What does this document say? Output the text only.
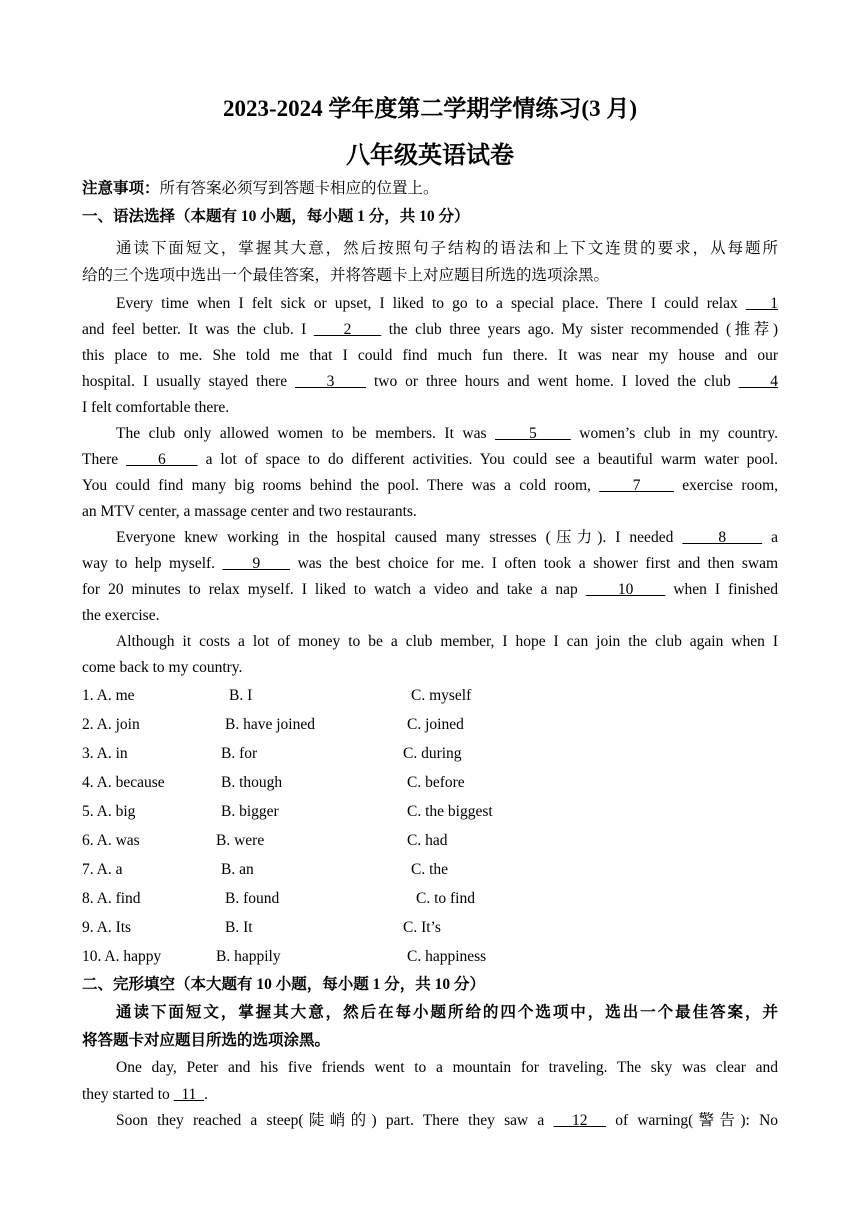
2023-2024 学年度第二学期学情练习(3 月)
八年级英语试卷
注意事项：所有答案必须写到答题卡相应的位置上。
一、语法选择（本题有 10 小题，每小题 1 分，共 10 分）
通读下面短文，掌握其大意，然后按照句子结构的语法和上下文连贯的要求，从每题所
给的三个选项中选出一个最佳答案，并将答题卡上对应题目所选的选项涂黑。
Every time when I felt sick or upset, I liked to go to a special place. There I could relax    1
and feel better. It was the club. I     2     the club three years ago. My sister recommended (推荐)
this place to me. She told me that I could find much fun there. It was near my house and our
hospital. I usually stayed there     3     two or three hours and went home. I loved the club     4
I felt comfortable there.
The club only allowed women to be members. It was     5     women’s club in my country.
There     6     a lot of space to do different activities. You could see a beautiful warm water pool.
You could find many big rooms behind the pool. There was a cold room,     7     exercise room,
an MTV center, a massage center and two restaurants.
Everyone knew working in the hospital caused many stresses (压力). I needed     8     a
way to help myself.     9     was the best choice for me. I often took a shower first and then swam
for 20 minutes to relax myself. I liked to watch a video and take a nap     10     when I finished
the exercise.
Although it costs a lot of money to be a club member, I hope I can join the club again when I
come back to my country.
1. A. me	B. I	C. myself
2. A. join	B. have joined	C. joined
3. A. in	B. for	C. during
4. A. because	B. though	C. before
5. A. big	B. bigger	C. the biggest
6. A. was	B. were	C. had
7. A. a	B. an	C. the
8. A. find	B. found	C. to find
9. A. Its	B. It	C. It’s
10. A. happy	B. happily	C. happiness
二、完形填空（本大题有 10 小题，每小题 1 分，共 10 分）
通读下面短文，掌握其大意，然后在每小题所给的四个选项中，选出一个最佳答案，并
将答题卡对应题目所选的选项涂黑。
One day, Peter and his five friends went to a mountain for traveling. The sky was clear and
they started to   11  .
Soon they reached a steep(陡峭的) part. There they saw a   12   of warning(警告): No
